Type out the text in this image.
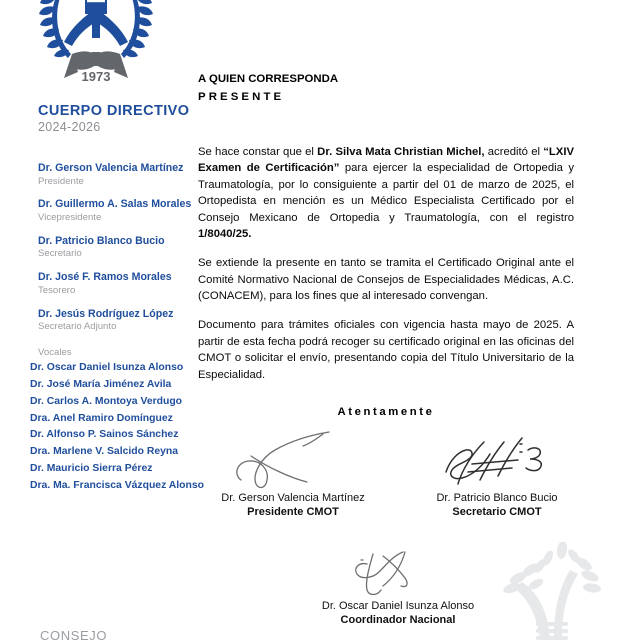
1973
CUERPO DIRECTIVO
2024-2026
Dr. Gerson Valencia Martínez
Presidente
Dr. Guillermo A. Salas Morales
Vicepresidente
Dr. Patricio Blanco Bucio
Secretario
Dr. José F. Ramos Morales
Tesorero
Dr. Jesús Rodríguez López
Secretario Adjunto
Vocales
Dr. Oscar Daniel Isunza Alonso
Dr. José María Jiménez Avila
Dr. Carlos A. Montoya Verdugo
Dra. Anel Ramiro Domínguez
Dr. Alfonso P. Sainos Sánchez
Dra. Marlene V. Salcido Reyna
Dr. Mauricio Sierra Pérez
Dra. Ma. Francisca Vázquez Alonso
CONSEJO
A QUIEN CORRESPONDA
PRESENTE

Se hace constar que el Dr. Silva Mata Christian Michel, acreditó el “LXIV Examen de Certificación” para ejercer la especialidad de Ortopedia y Traumatología, por lo consiguiente a partir del 01 de marzo de 2025, el Ortopedista en mención es un Médico Especialista Certificado por el Consejo Mexicano de Ortopedia y Traumatología, con el registro 1/8040/25.

Se extiende la presente en tanto se tramita el Certificado Original ante el Comité Normativo Nacional de Consejos de Especialidades Médicas, A.C. (CONACEM), para los fines que al interesado convengan.

Documento para trámites oficiales con vigencia hasta mayo de 2025. A partir de esta fecha podrá recoger su certificado original en las oficinas del CMOT o solicitar el envío, presentando copia del Título Universitario de la Especialidad.

Atentamente
Dr. Gerson Valencia Martínez
Presidente CMOT
Dr. Patricio Blanco Bucio
Secretario CMOT
Dr. Oscar Daniel Isunza Alonso
Coordinador Nacional
